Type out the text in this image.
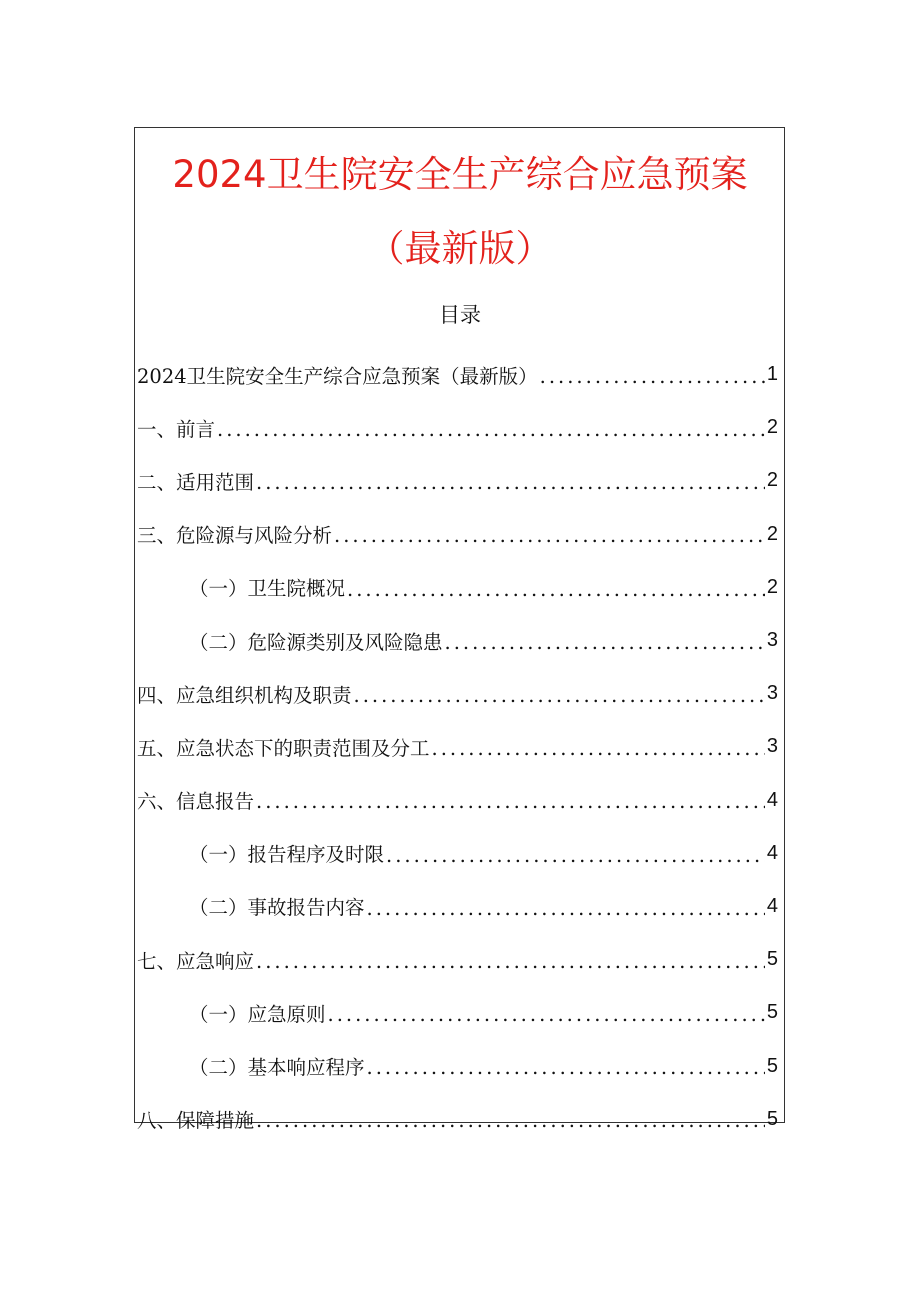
2024卫生院安全生产综合应急预案
（最新版）
目录
2024卫生院安全生产综合应急预案（最新版） .....	1
一、前言 .....	2
二、适用范围 .....	2
三、危险源与风险分析 .....	2
（一）卫生院概况 .....	2
（二）危险源类别及风险隐患 .....	3
四、应急组织机构及职责 .....	3
五、应急状态下的职责范围及分工 .....	3
六、信息报告 .....	4
（一）报告程序及时限 .....	4
（二）事故报告内容 .....	4
七、应急响应 .....	5
（一）应急原则 .....	5
（二）基本响应程序 .....	5
八、保障措施 .....	5
